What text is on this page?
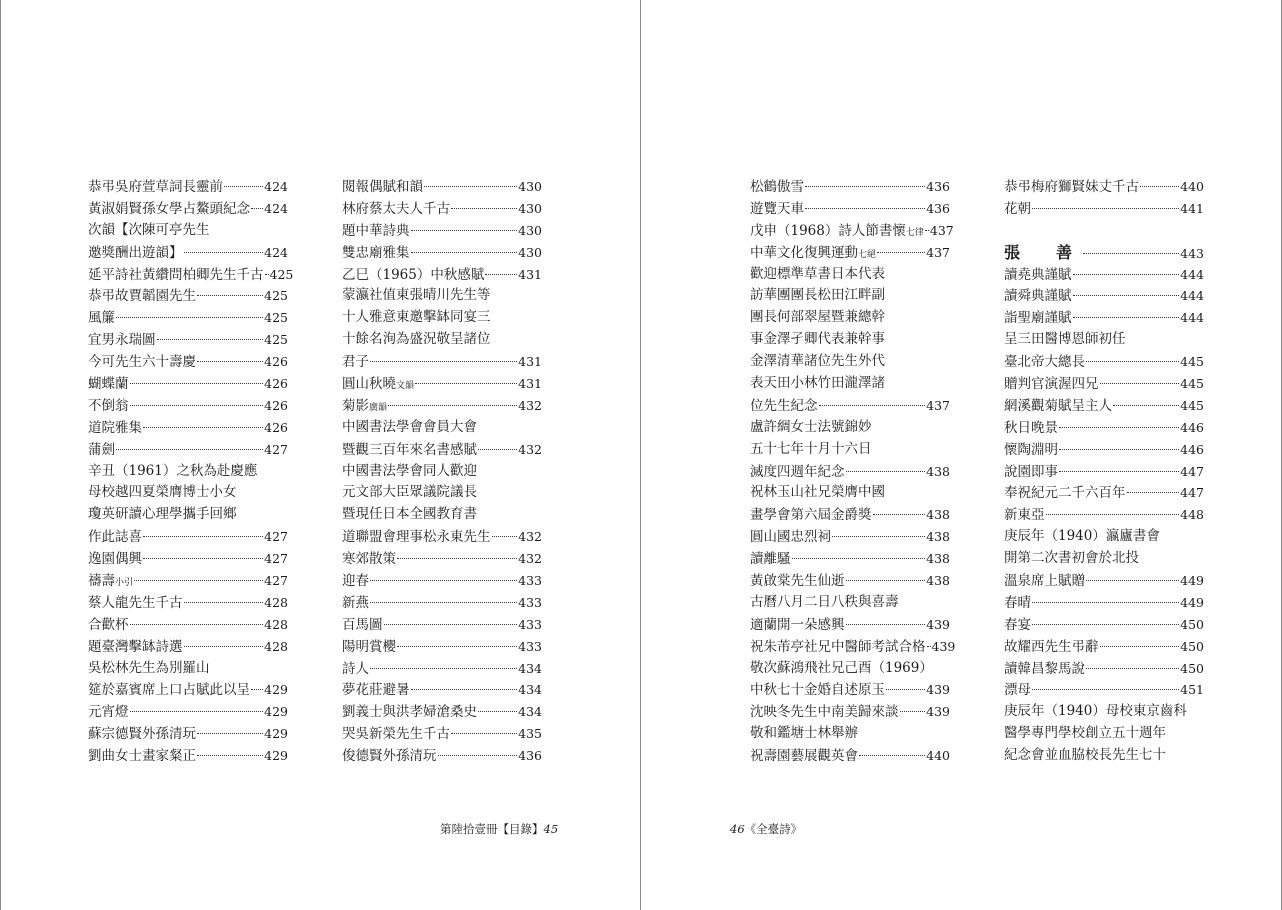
恭弔吳府萱草詞長靈前	424
黃淑娟賢孫女學占鰲頭紀念 424
次韻【次陳可亭先生
邀獎酬出遊韻】	424
延平詩社黃纘問柏卿先生千古 425
恭弔故賈韜園先生	425
風簾	425
宜男永瑞圖	425
今可先生六十壽慶	426
蝴蝶蘭	426
不倒翁	426
道院雅集	426
蒲劍	427
辛丑（1961）之秋為赴慶應
母校越四夏榮膺博士小女
瓊英研讀心理學攜手回鄉
作此誌喜	427
逸園偶興	427
禱壽小引	427
蔡人龍先生千古	428
合歡杯	428
題臺灣擊缽詩選	428
吳松林先生為別羅山
筵於嘉賓席上口占賦此以呈 429
元宵燈	429
蘇宗德賢外孫清玩	429
劉曲女士畫家粲正	429
閱報偶賦和韻	430
林府蔡太夫人千古	430
題中華詩典	430
雙忠廟雅集	430
乙巳（1965）中秋感賦	431
蒙瀛社值東張晴川先生等
十人雅意東邀擊缽同宴三
十餘名洵為盛況敬呈諸位
君子	431
圓山秋曉文韻	431
菊影廣韻	432
中國書法學會會員大會
暨觀三百年來名書感賦	432
中國書法學會同人歡迎
元文部大臣眾議院議長
暨現任日本全國教育書
道聯盟會理事松永東先生 432
寒郊散策	432
迎春	433
新燕	433
百馬圖	433
陽明賞櫻	433
詩人	434
夢花莊避暑	434
劉義士與洪孝婦滄桑史	434
哭吳新榮先生千古	435
俊德賢外孫清玩	436
松鶴傲雪	436
遊覽天車	436
戊申（1968）詩人節書懷七律 437
中華文化復興運動七絕	437
歡迎標準草書日本代表
訪華團團長松田江畔副
團長何部翠屋暨兼總幹
事金澤孑卿代表兼幹事
金澤清華諸位先生外代
表天田小林竹田瀧澤諸
位先生紀念	437
盧許綢女士法號錦妙
五十七年十月十六日
滅度四週年紀念	438
祝林玉山社兄榮膺中國
畫學會第六屆金爵獎	438
圓山國忠烈祠	438
讀離騷	438
黃啟棠先生仙逝	438
古曆八月二日八秩與喜壽
適蘭開一朵感興	439
祝朱芾亭社兄中醫師考試合格 439
敬次蘇鴻飛社兄己酉（1969）
中秋七十金婚自述原玉	439
沈映冬先生中南美歸來談 439
敬和鑑塘士林舉辦
祝壽園藝展觀英會	440
恭弔梅府獅賢妹丈千古	440
花朝	441
張　善	443
讀堯典謹賦	444
讀舜典謹賦	444
詣聖廟謹賦	444
呈三田醫博恩師初任
臺北帝大總長	445
贈判官演渥四兄	445
網溪觀菊賦呈主人	445
秋日晚景	446
懷陶淵明	446
說園即事	447
奉祝紀元二千六百年	447
新東亞	448
庚辰年（1940）瀛廬書會
開第二次書初會於北投
溫泉席上賦贈	449
春晴	449
春宴	450
故耀西先生弔辭	450
讀韓昌黎馬說	450
漂母	451
庚辰年（1940）母校東京齒科
醫學專門學校創立五十週年
紀念會並血脇校長先生七十
第陸拾壹冊【目錄】45	46《全臺詩》
